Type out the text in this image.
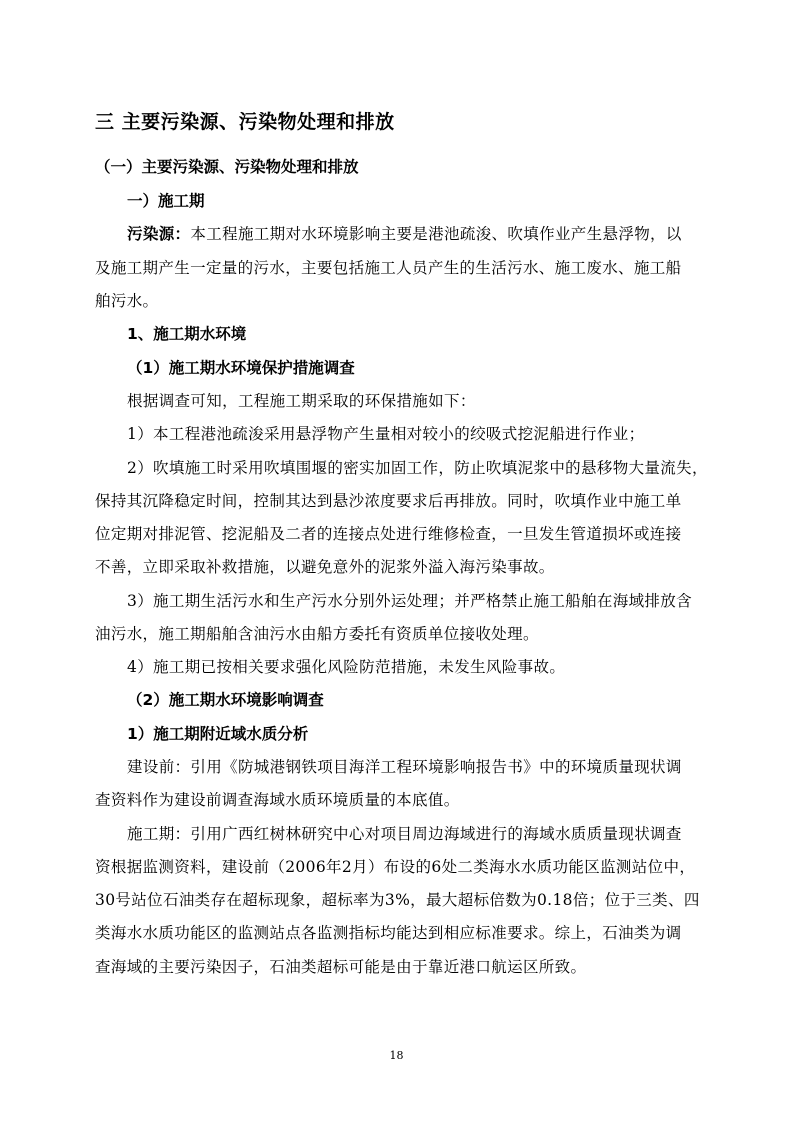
三 主要污染源、污染物处理和排放
（一）主要污染源、污染物处理和排放
一）施工期
污染源：本工程施工期对水环境影响主要是港池疏浚、吹填作业产生悬浮物，以
及施工期产生一定量的污水，主要包括施工人员产生的生活污水、施工废水、施工船
舶污水。
1、施工期水环境
（1）施工期水环境保护措施调查
根据调查可知，工程施工期采取的环保措施如下：
1）本工程港池疏浚采用悬浮物产生量相对较小的绞吸式挖泥船进行作业；
2）吹填施工时采用吹填围堰的密实加固工作，防止吹填泥浆中的悬移物大量流失，
保持其沉降稳定时间，控制其达到悬沙浓度要求后再排放。同时，吹填作业中施工单
位定期对排泥管、挖泥船及二者的连接点处进行维修检查，一旦发生管道损坏或连接
不善，立即采取补救措施，以避免意外的泥浆外溢入海污染事故。
3）施工期生活污水和生产污水分别外运处理；并严格禁止施工船舶在海域排放含
油污水，施工期船舶含油污水由船方委托有资质单位接收处理。
4）施工期已按相关要求强化风险防范措施，未发生风险事故。
（2）施工期水环境影响调查
1）施工期附近域水质分析
建设前：引用《防城港钢铁项目海洋工程环境影响报告书》中的环境质量现状调
查资料作为建设前调查海域水质环境质量的本底值。
施工期：引用广西红树林研究中心对项目周边海域进行的海域水质质量现状调查
资根据监测资料，建设前（2006年2月）布设的6处二类海水水质功能区监测站位中，
30号站位石油类存在超标现象，超标率为3%，最大超标倍数为0.18倍；位于三类、四
类海水水质功能区的监测站点各监测指标均能达到相应标准要求。综上，石油类为调
查海域的主要污染因子，石油类超标可能是由于靠近港口航运区所致。
18
